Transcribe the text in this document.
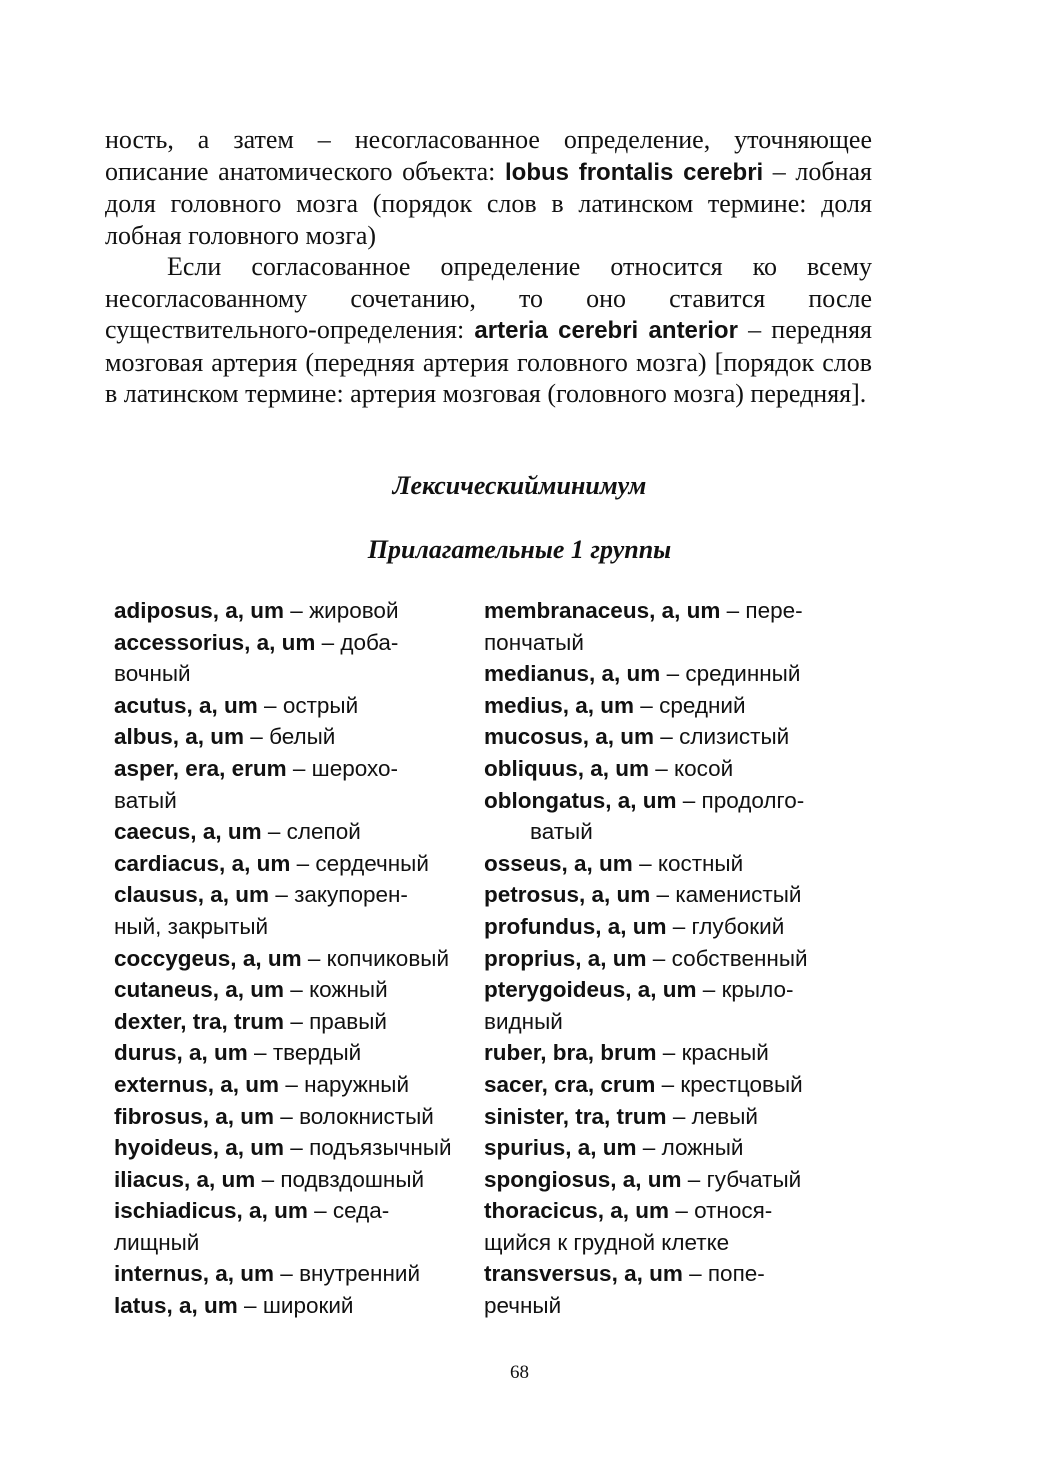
ность, а затем – несогласованное определение, уточняющее описание анатомического объекта: lobus frontalis cerebri – лобная доля головного мозга (порядок слов в латинском термине: доля лобная головного мозга)

Если согласованное определение относится ко всему несогласованному сочетанию, то оно ставится после существительного-определения: arteria cerebri anterior – передняя мозговая артерия (передняя артерия головного мозга) [порядок слов в латинском термине: артерия мозговая (головного мозга) передняя].

Лексическийминимум
Прилагательные 1 группы
adiposus, a, um – жировой
accessorius, a, um – доба-
вочный
acutus, a, um – острый
albus, a, um – белый
asper, era, erum – шерохо-
ватый
caecus, a, um – слепой
cardiacus, a, um – сердечный
clausus, a, um – закупорен-
ный, закрытый
coccygeus, a, um – копчиковый
cutaneus, a, um – кожный
dexter, tra, trum – правый
durus, a, um – твердый
externus, a, um – наружный
fibrosus, a, um – волокнистый
hyoideus, a, um – подъязычный
iliacus, a, um – подвздошный
ischiadicus, a, um – седа-
лищный
internus, a, um – внутренний
latus, a, um – широкий
membranaceus, a, um – пере-
пончатый
medianus, a, um – срединный
medius, a, um – средний
mucosus, a, um – слизистый
obliquus, a, um – косой
oblongatus, a, um – продолго-
ватый
osseus, a, um – костный
petrosus, a, um – каменистый
profundus, a, um – глубокий
proprius, a, um – собственный
pterygoideus, a, um – крыло-
видный
ruber, bra, brum – красный
sacer, cra, crum – крестцовый
sinister, tra, trum – левый
spurius, a, um – ложный
spongiosus, a, um – губчатый
thoracicus, a, um – относя-
щийся к грудной клетке
transversus, a, um – попе-
речный
68
